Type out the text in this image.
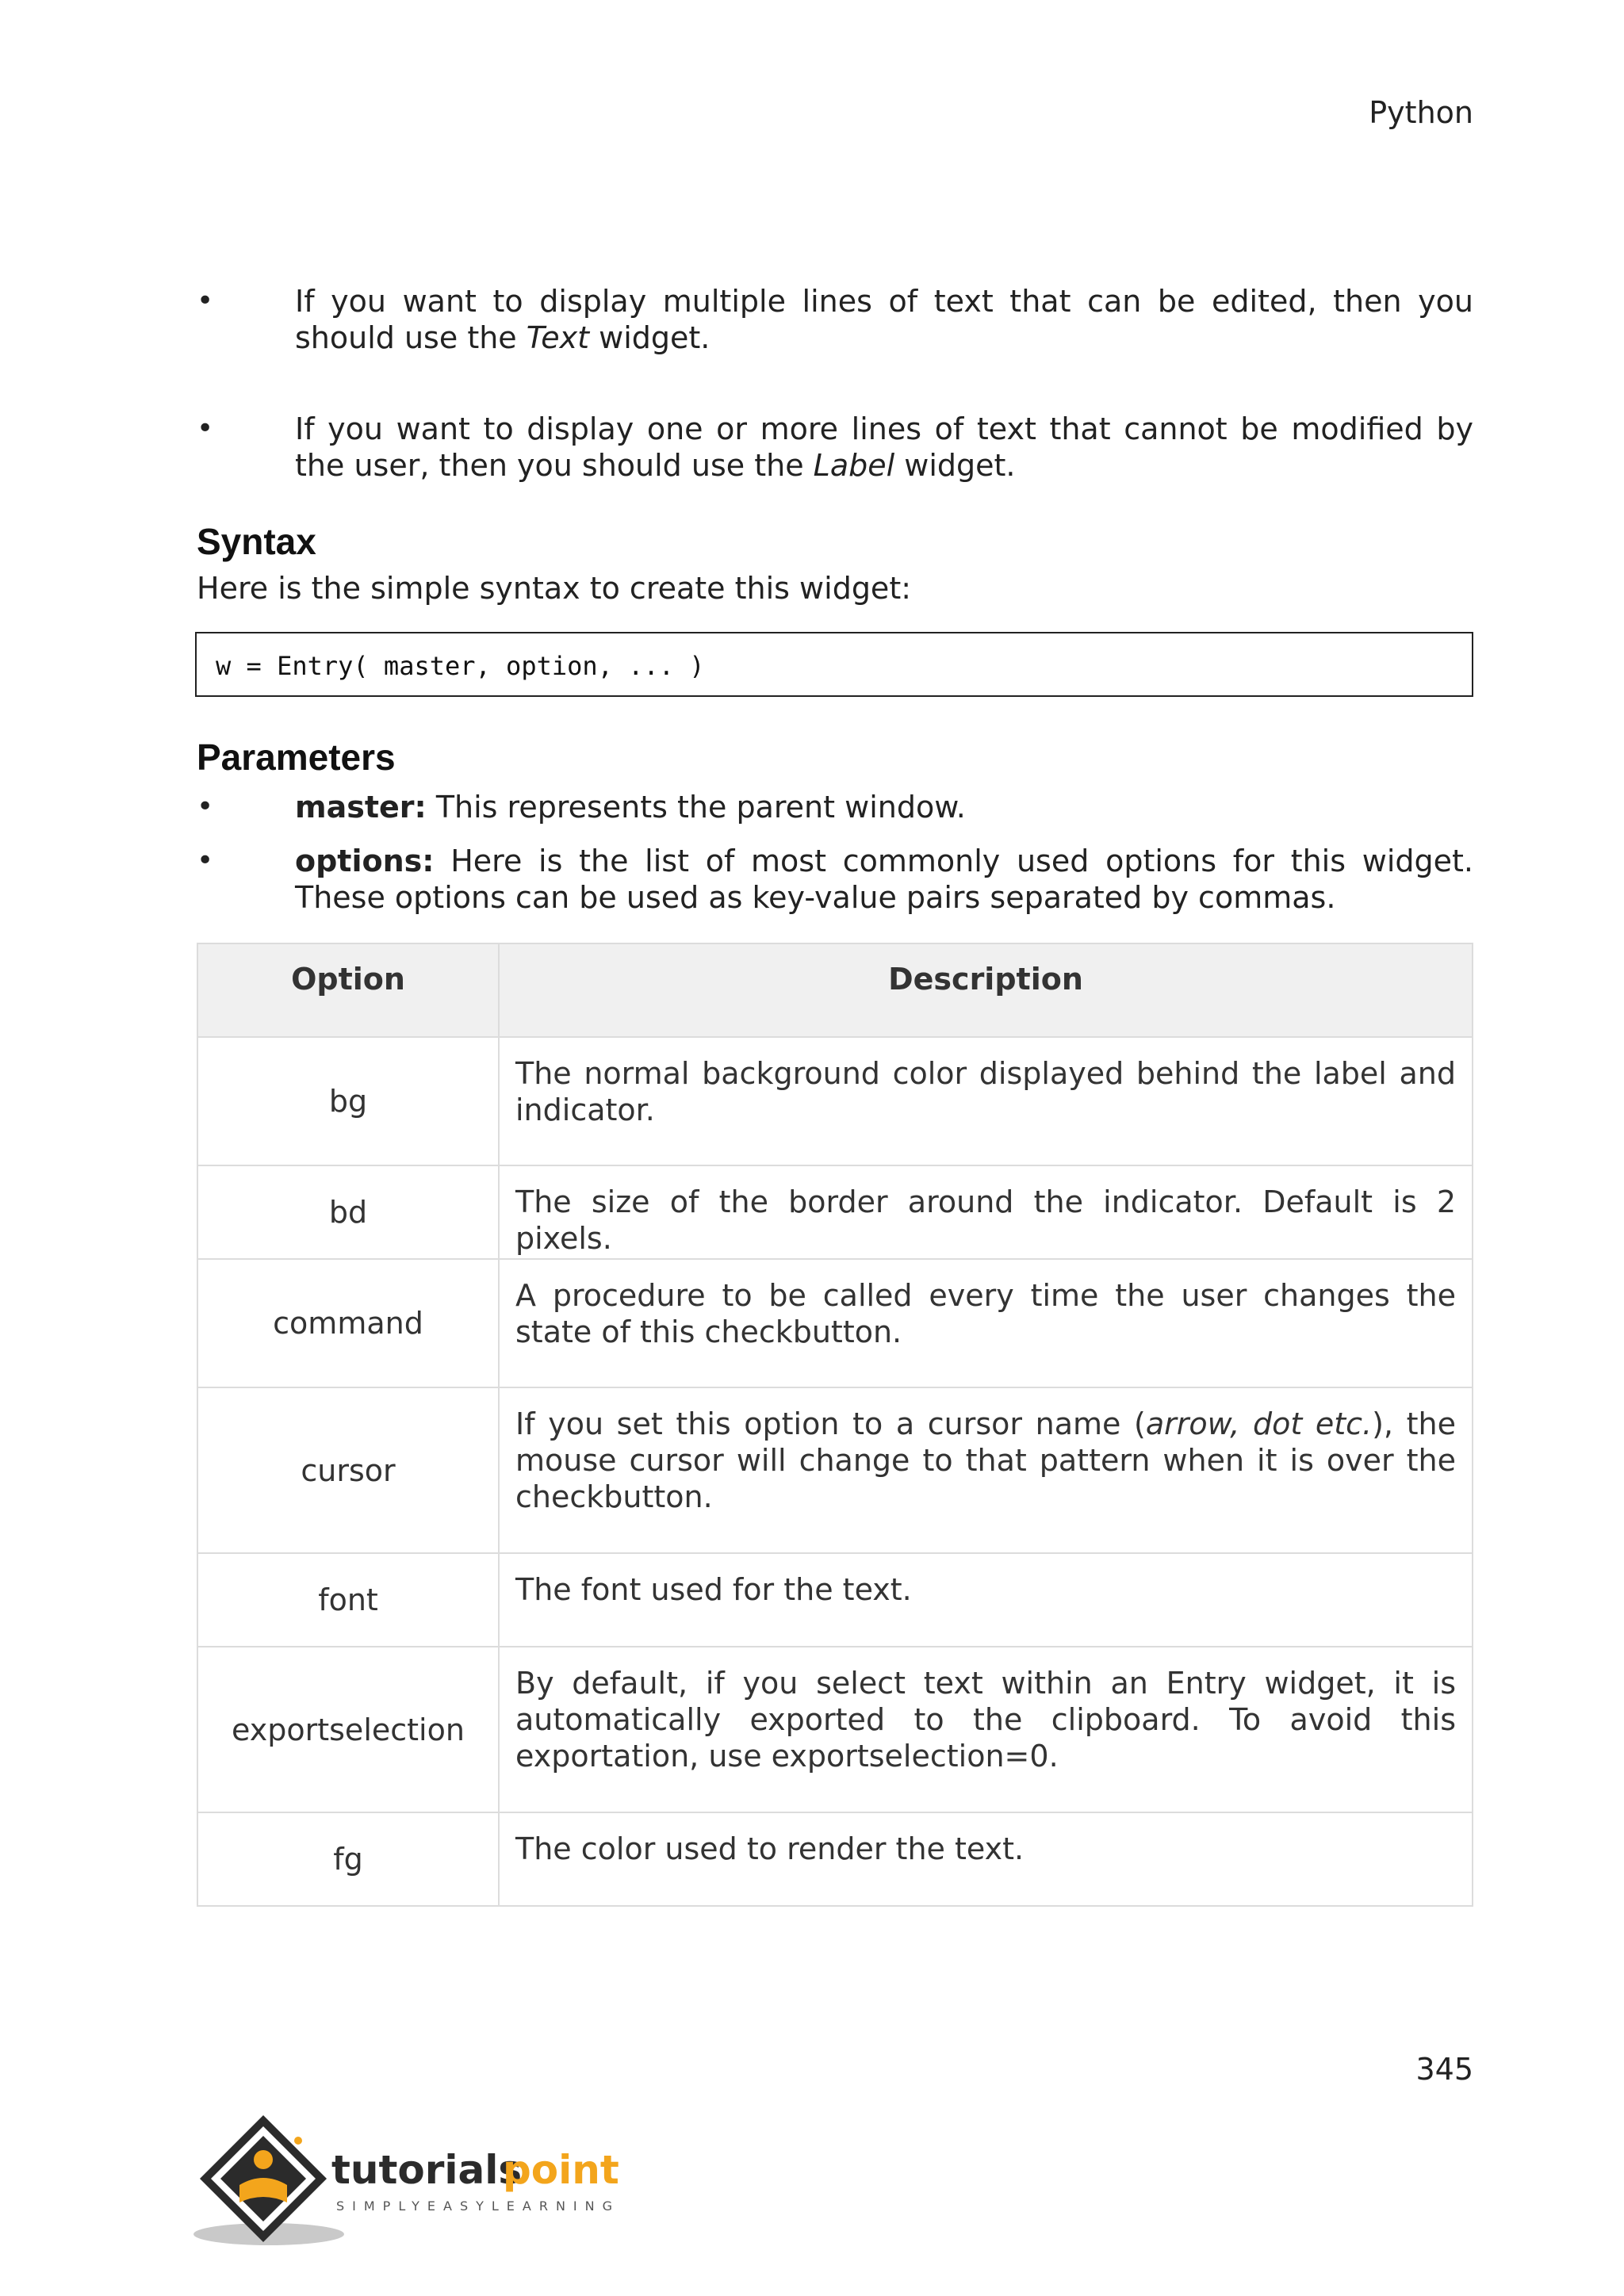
Python
•	If you want to display multiple lines of text that can be edited, then you should use the Text widget.
•	If you want to display one or more lines of text that cannot be modified by the user, then you should use the Label widget.
Syntax
Here is the simple syntax to create this widget:
w = Entry( master, option, ... )
Parameters
•	master: This represents the parent window.
•	options: Here is the list of most commonly used options for this widget. These options can be used as key-value pairs separated by commas.
Option	Description
bg	The normal background color displayed behind the label and indicator.
bd	The size of the border around the indicator. Default is 2 pixels.
command	A procedure to be called every time the user changes the state of this checkbutton.
cursor	If you set this option to a cursor name (arrow, dot etc.), the mouse cursor will change to that pattern when it is over the checkbutton.
font	The font used for the text.
exportselection	By default, if you select text within an Entry widget, it is automatically exported to the clipboard. To avoid this exportation, use exportselection=0.
fg	The color used to render the text.
345
tutorials
point
SIMPLYEASYLEARNING
